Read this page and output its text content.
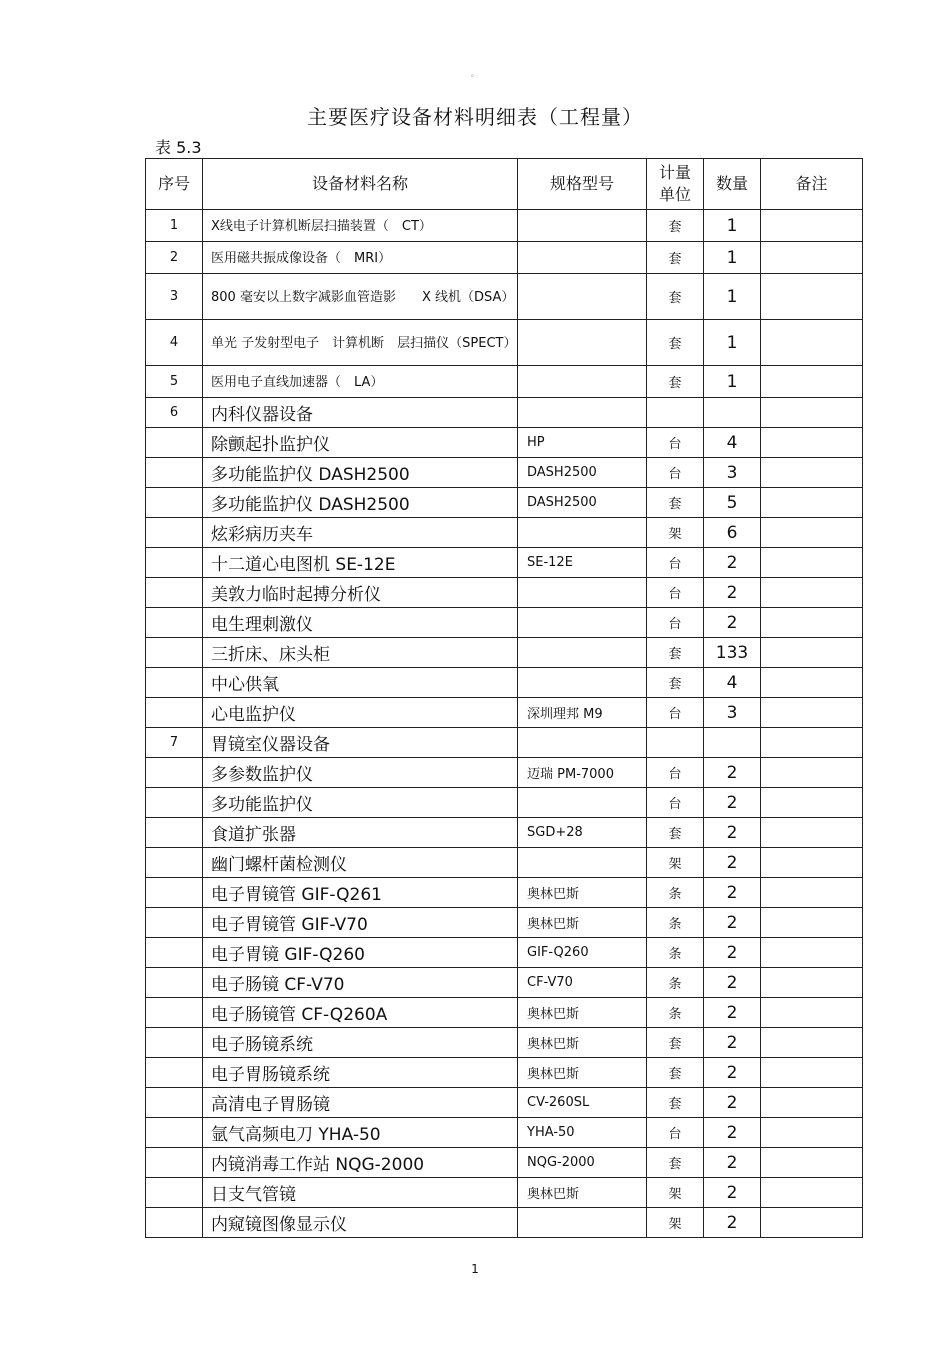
。
主要医疗设备材料明细表（工程量）
表 5.3
序号	设备材料名称	规格型号	计量单位	数量	备注
1	X线电子计算机断层扫描装置（　CT）		套	1	
2	医用磁共振成像设备（　MRI）		套	1	
3	800 毫安以上数字减影血管造影　　X 线机（DSA）		套	1	
4	单光 子发射型电子　计算机断　层扫描仪（SPECT）		套	1	
5	医用电子直线加速器（　LA）		套	1	
6	内科仪器设备				
	除颤起扑监护仪	HP	台	4	
	多功能监护仪 DASH2500	DASH2500	台	3	
	多功能监护仪 DASH2500	DASH2500	套	5	
	炫彩病历夹车		架	6	
	十二道心电图机 SE-12E	SE-12E	台	2	
	美敦力临时起搏分析仪		台	2	
	电生理刺激仪		台	2	
	三折床、床头柜		套	133	
	中心供氧		套	4	
	心电监护仪	深圳理邦 M9	台	3	
7	胃镜室仪器设备				
	多参数监护仪	迈瑞 PM-7000	台	2	
	多功能监护仪		台	2	
	食道扩张器	SGD+28	套	2	
	幽门螺杆菌检测仪		架	2	
	电子胃镜管 GIF-Q261	奥林巴斯	条	2	
	电子胃镜管 GIF-V70	奥林巴斯	条	2	
	电子胃镜 GIF-Q260	GIF-Q260	条	2	
	电子肠镜 CF-V70	CF-V70	条	2	
	电子肠镜管 CF-Q260A	奥林巴斯	条	2	
	电子肠镜系统	奥林巴斯	套	2	
	电子胃肠镜系统	奥林巴斯	套	2	
	高清电子胃肠镜	CV-260SL	套	2	
	氩气高频电刀 YHA-50	YHA-50	台	2	
	内镜消毒工作站 NQG-2000	NQG-2000	套	2	
	日支气管镜	奥林巴斯	架	2	
	内窥镜图像显示仪		架	2	
1
